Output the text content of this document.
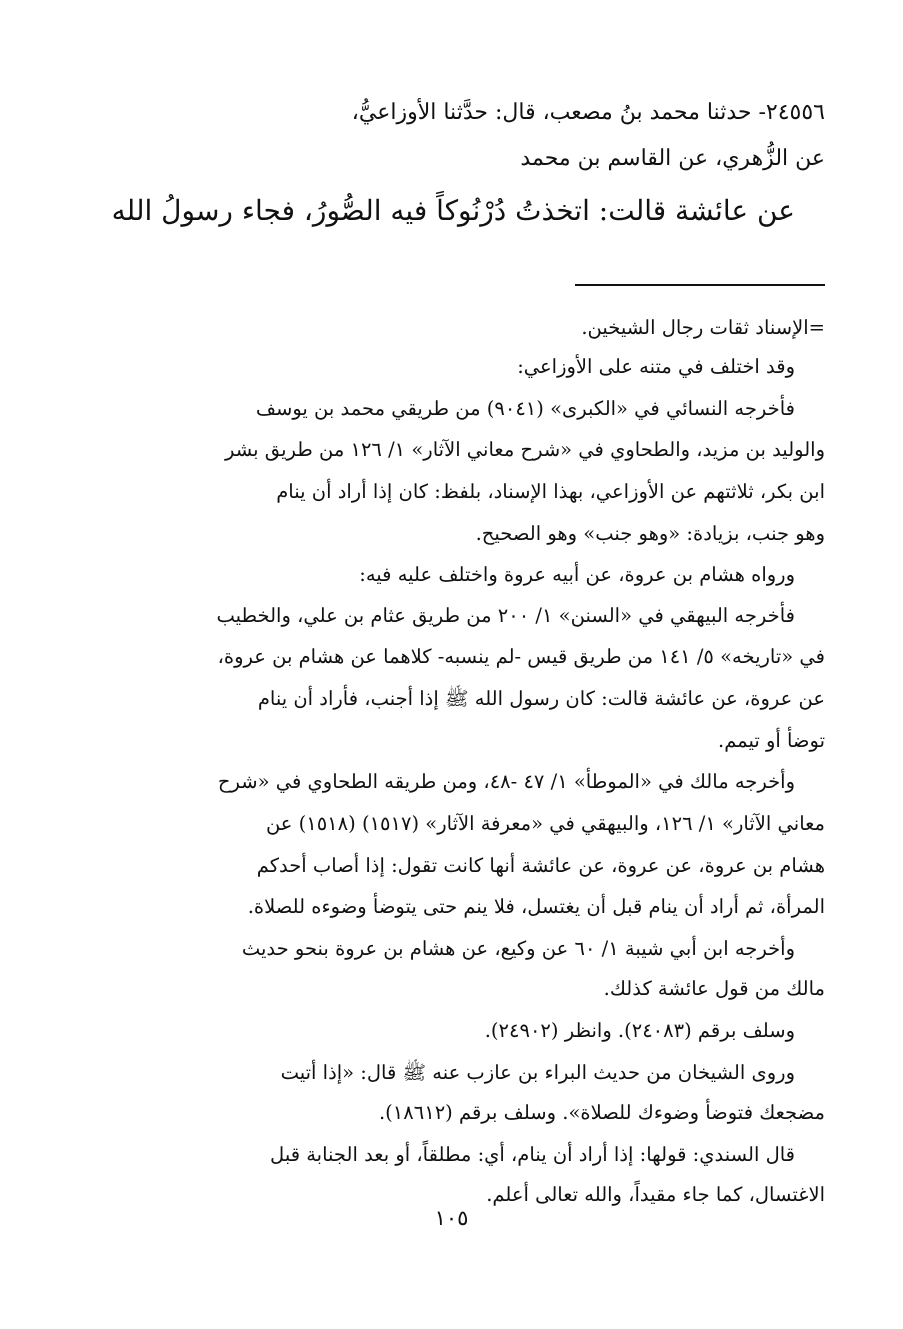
٢٤٥٥٦- حدثنا محمد بنُ مصعب، قال: حدَّثنا الأوزاعيُّ،
عن الزُّهري، عن القاسم بن محمد
عن عائشة قالت: اتخذتُ دُرْنُوكاً فيه الصُّورُ، فجاء رسولُ الله
=الإسناد ثقات رجال الشيخين.
وقد اختلف في متنه على الأوزاعي:
فأخرجه النسائي في «الكبرى» (٩٠٤١) من طريقي محمد بن يوسف
والوليد بن مزيد، والطحاوي في «شرح معاني الآثار» ١/ ١٢٦ من طريق بشر
ابن بكر، ثلاثتهم عن الأوزاعي، بهذا الإسناد، بلفظ: كان إذا أراد أن ينام
وهو جنب، بزيادة: «وهو جنب» وهو الصحيح.
ورواه هشام بن عروة، عن أبيه عروة واختلف عليه فيه:
فأخرجه البيهقي في «السنن» ١/ ٢٠٠ من طريق عثام بن علي، والخطيب
في «تاريخه» ٥/ ١٤١ من طريق قيس -لم ينسبه- كلاهما عن هشام بن عروة،
عن عروة، عن عائشة قالت: كان رسول الله ﷺ إذا أجنب، فأراد أن ينام
توضأ أو تيمم.
وأخرجه مالك في «الموطأ» ١/ ٤٧ -٤٨، ومن طريقه الطحاوي في «شرح
معاني الآثار» ١/ ١٢٦، والبيهقي في «معرفة الآثار» (١٥١٧) (١٥١٨) عن
هشام بن عروة، عن عروة، عن عائشة أنها كانت تقول: إذا أصاب أحدكم
المرأة، ثم أراد أن ينام قبل أن يغتسل، فلا ينم حتى يتوضأ وضوءه للصلاة.
وأخرجه ابن أبي شيبة ١/ ٦٠ عن وكيع، عن هشام بن عروة بنحو حديث
مالك من قول عائشة كذلك.
وسلف برقم (٢٤٠٨٣). وانظر (٢٤٩٠٢).
وروى الشيخان من حديث البراء بن عازب عنه ﷺ قال: «إذا أتيت
مضجعك فتوضأ وضوءك للصلاة». وسلف برقم (١٨٦١٢).
قال السندي: قولها: إذا أراد أن ينام، أي: مطلقاً، أو بعد الجنابة قبل
الاغتسال، كما جاء مقيداً، والله تعالى أعلم.
١٠٥
